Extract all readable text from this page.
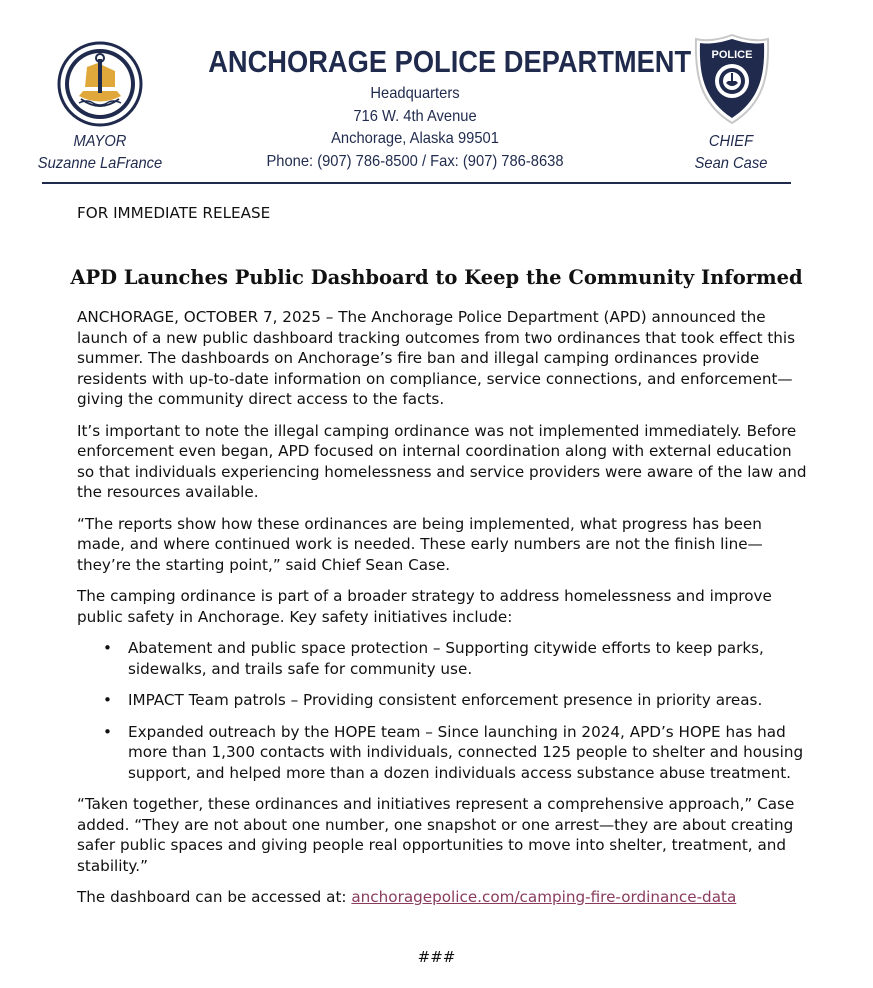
ANCHORAGE POLICE DEPARTMENT
Headquarters
716 W. 4th Avenue
Anchorage, Alaska 99501
Phone: (907) 786-8500 / Fax: (907) 786-8638
MAYOR
Suzanne LaFrance
POLICE
CHIEF
Sean Case
FOR IMMEDIATE RELEASE
APD Launches Public Dashboard to Keep the Community Informed

ANCHORAGE, OCTOBER 7, 2025 – The Anchorage Police Department (APD) announced the launch of a new public dashboard tracking outcomes from two ordinances that took effect this summer. The dashboards on Anchorage’s fire ban and illegal camping ordinances provide residents with up-to-date information on compliance, service connections, and enforcement—giving the community direct access to the facts.

It’s important to note the illegal camping ordinance was not implemented immediately. Before enforcement even began, APD focused on internal coordination along with external education so that individuals experiencing homelessness and service providers were aware of the law and the resources available.

“The reports show how these ordinances are being implemented, what progress has been made, and where continued work is needed. These early numbers are not the finish line—they’re the starting point,” said Chief Sean Case.

The camping ordinance is part of a broader strategy to address homelessness and improve public safety in Anchorage. Key safety initiatives include:

• Abatement and public space protection – Supporting citywide efforts to keep parks, sidewalks, and trails safe for community use.
• IMPACT Team patrols – Providing consistent enforcement presence in priority areas.
• Expanded outreach by the HOPE team – Since launching in 2024, APD’s HOPE has had more than 1,300 contacts with individuals, connected 125 people to shelter and housing support, and helped more than a dozen individuals access substance abuse treatment.

“Taken together, these ordinances and initiatives represent a comprehensive approach,” Case added. “They are not about one number, one snapshot or one arrest—they are about creating safer public spaces and giving people real opportunities to move into shelter, treatment, and stability.”

The dashboard can be accessed at: anchoragepolice.com/camping-fire-ordinance-data

###
